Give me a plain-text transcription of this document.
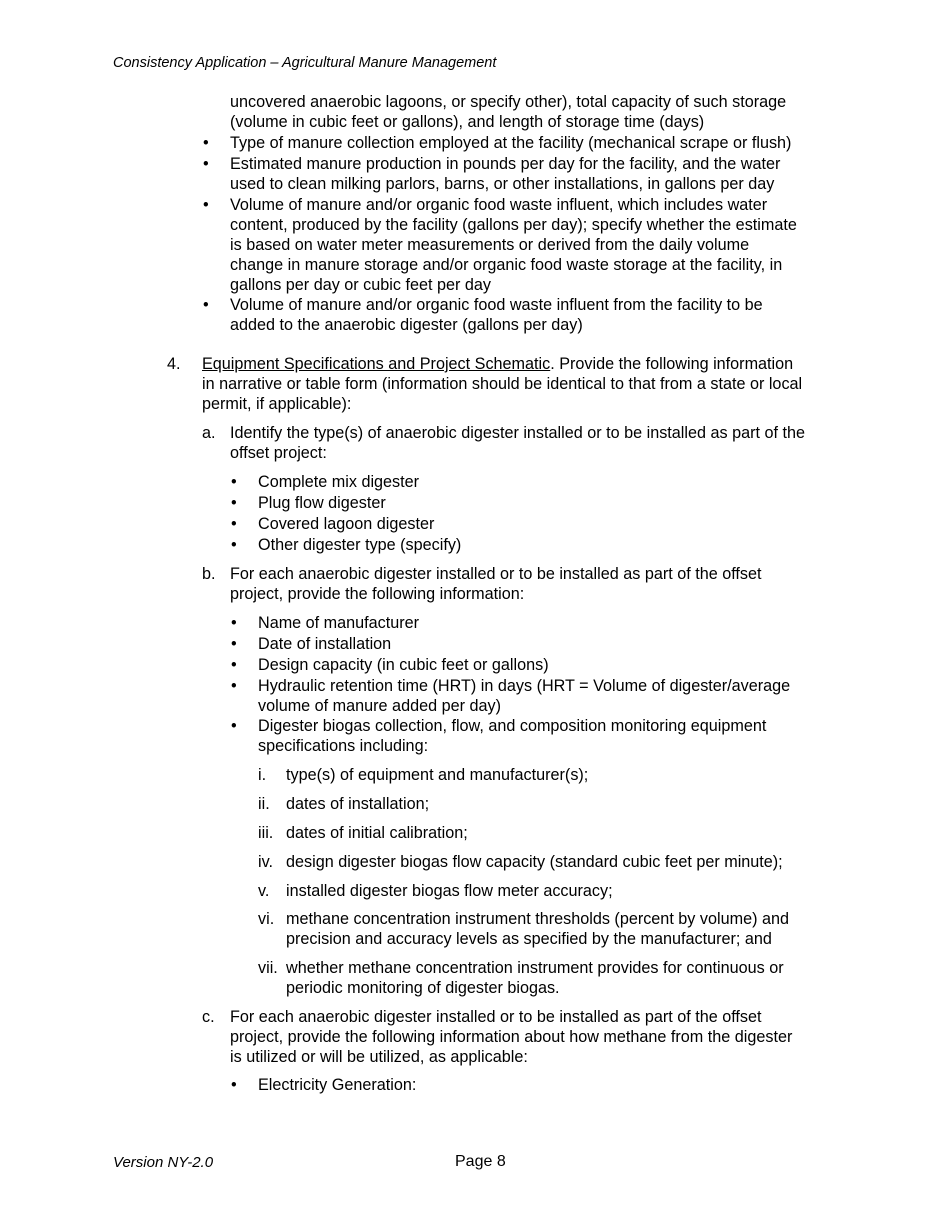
Consistency Application – Agricultural Manure Management
uncovered anaerobic lagoons, or specify other), total capacity of such storage
(volume in cubic feet or gallons), and length of storage time (days)
• Type of manure collection employed at the facility (mechanical scrape or flush)
• Estimated manure production in pounds per day for the facility, and the water
used to clean milking parlors, barns, or other installations, in gallons per day
• Volume of manure and/or organic food waste influent, which includes water
content, produced by the facility (gallons per day); specify whether the estimate
is based on water meter measurements or derived from the daily volume
change in manure storage and/or organic food waste storage at the facility, in
gallons per day or cubic feet per day
• Volume of manure and/or organic food waste influent from the facility to be
added to the anaerobic digester (gallons per day)
4. Equipment Specifications and Project Schematic. Provide the following information
in narrative or table form (information should be identical to that from a state or local
permit, if applicable):
a. Identify the type(s) of anaerobic digester installed or to be installed as part of the
offset project:
• Complete mix digester
• Plug flow digester
• Covered lagoon digester
• Other digester type (specify)
b. For each anaerobic digester installed or to be installed as part of the offset
project, provide the following information:
• Name of manufacturer
• Date of installation
• Design capacity (in cubic feet or gallons)
• Hydraulic retention time (HRT) in days (HRT = Volume of digester/average
volume of manure added per day)
• Digester biogas collection, flow, and composition monitoring equipment
specifications including:
i. type(s) of equipment and manufacturer(s);
ii. dates of installation;
iii. dates of initial calibration;
iv. design digester biogas flow capacity (standard cubic feet per minute);
v. installed digester biogas flow meter accuracy;
vi. methane concentration instrument thresholds (percent by volume) and
precision and accuracy levels as specified by the manufacturer; and
vii. whether methane concentration instrument provides for continuous or
periodic monitoring of digester biogas.
c. For each anaerobic digester installed or to be installed as part of the offset
project, provide the following information about how methane from the digester
is utilized or will be utilized, as applicable:
• Electricity Generation:
Version NY-2.0	Page 8
